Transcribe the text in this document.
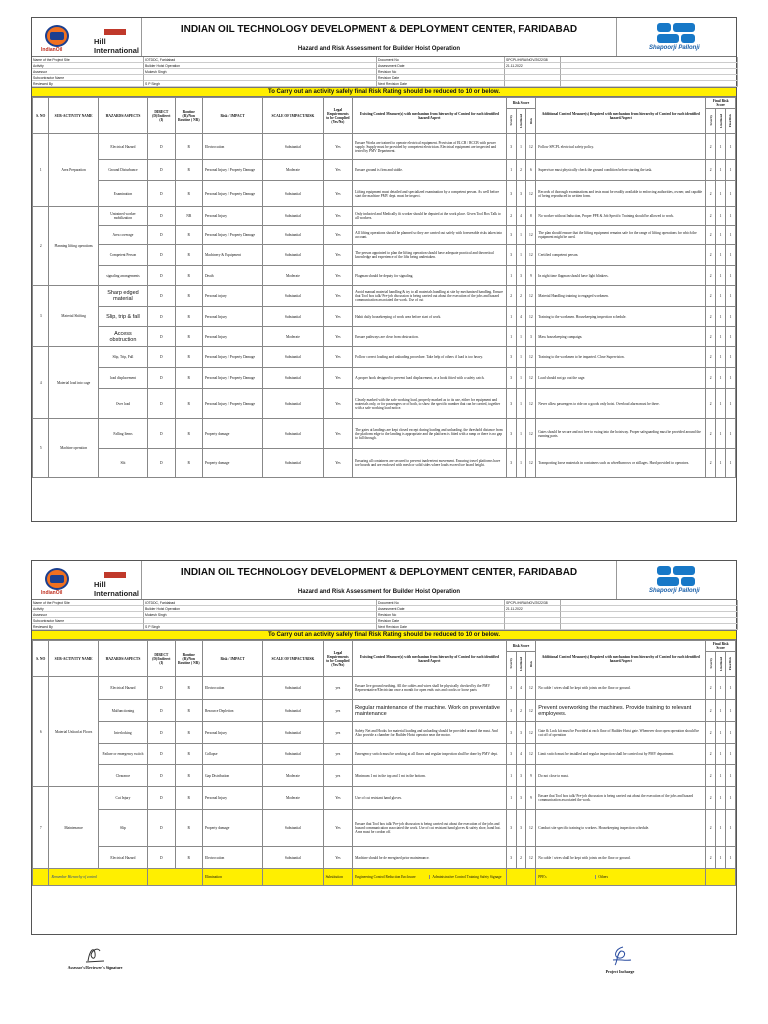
IndianOil
Hill International
INDIAN OIL TECHNOLOGY DEVELOPMENT & DEPLOYMENT CENTER, FARIDABAD
Hazard and Risk Assessment for Builder Hoist Operation	Shapoorji Pallonji
Name of the Project Site	IOTDDC, Faridabad	Document No	SPCPL/HIRA/NOV/2022/38
Activity	Builder Hoist Operation	Assessment Date	21.11.2022
Assessor	Mukesh Singh	Revision No
Subcontractor Name	Revision Date
Reviewed By	S P Singh	Next Revision Date
To Carry out an activity safely final Risk Rating should be reduced to 10 or below.
S. NO	SUB-ACTIVITY NAME	HAZARDS/ASPECTS	DIRECT (D)/Indirect (I)	Routine (R)/Non Routine ( NR)	Risk / IMPACT	SCALE OF IMPACT/RISK	Legal Requirements to be Complied (Yes/No)	Existing Control Measure(s) with mechanism from hierarchy of Control for each identified hazard/Aspect	Risk Score			Additional Control Measure(s) Required with mechanism from hierarchy of Control for each identified hazard/Aspect	Final Risk Score		
									Severity	Likelihood	Risk		Severity	Likelihood	Final Risk
1	Area Preparation	Electrical Hazard	D	R	Electrocution	Substantial	Yes	Ensure Works are trained to operate electrical equipment. Provision of ELCB / RCCB with power supply. Supply must be provided by competent electrician. Electrical equipment are inspected and tested by PMV Department.	3	1	12	Follow SPCPL electrical safety policy.	2	1	1
		Ground Disturbance	D	R	Personal Injury / Property Damage	Moderate	Yes	Ensure ground is firm and stable.	1	2	6	Supervisor must physically check the ground condition before starting the task.	2	1	1
		Examination	D	R	Personal Injury / Property Damage	Substantial	Yes	Lifting equipment must detailed and specialized examination by a competent person. As well before start the machine PMV dept. must be inspect.	3	3	12	Records of thorough examinations and tests must be readily available to enforcing authorities, owner, and capable of being reproduced in written form.	2	1	1
2	Planning lifting operations	Untrained worker mobilization	D	NR	Personal Injury	Substantial	Yes	Only inducted and Medically fit worker should be deputed at the work place. Given Tool Box Talk to all workers.	2	4	8	No worker without Induction, Proper PPE & Job Specific Training should be allowed to work.	2	1	1
		Area coverage	D	R	Personal Injury / Property Damage	Substantial	Yes	All lifting operations should be planned so they are carried out safely with foreseeable risks taken into account.	3	1	12	The plan should ensure that the lifting equipment remains safe for the range of lifting operations for which the equipment might be used.	2	1	1
		Competent Person	D	R	Machinery & Equipment	Substantial	Yes	The person appointed to plan the lifting operation should have adequate practical and theoretical knowledge and experience of the lifts being undertaken.	3	1	12	Certified competent person.	2	1	1
		signaling arrangements	D	R	Death	Moderate	Yes	Flagman should be deputy for signaling.	1	3	9	In night time flagman should have light blinkers.	2	1	1
3	Material Shifting	Sharp edged material	D	R	Personal injury	Substantial	Yes	Avoid manual material handling & try to all materials handling at site by mechanized handling. Ensure that Tool box talk/ Pre-job discussion is being carried out about the execution of the jobs and hazard communication associated the work. Use of cut	2	2	12	Material Handling training to engaged workmen.	2	1	1
		Slip, trip & fall	D	R	Personal Injury	Substantial	Yes	Habit daily housekeeping of work area before start of work.	1	4	12	Training to the workmen. Housekeeping inspection schedule.	2	1	1
		Access obstruction	D	R	Personal Injury	Moderate	Yes	Ensure pathways are clear from obstruction.	1	1	3	Mass housekeeping campaign.	2	1	1
4	Material load into cage	Slip, Trip, Fall	D	R	Personal Injury / Property Damage	Substantial	Yes	Follow correct loading and unloading procedure. Take help of others if load is too heavy.	3	1	12	Training to the workmen to be imparted. Close Supervision.	2	1	1
		load displacement	D	R	Personal Injury / Property Damage	Substantial	Yes	A proper hook designed to prevent load displacement, or a hook fitted with a safety catch.	3	1	12	Load should not go out the cage.	2	1	1
		Over load	D	R	Personal Injury / Property Damage	Substantial	Yes	Clearly marked with the safe working load, properly marked as to its use, either for equipment and materials only, or for passengers or of both, to show the specific number that can be carried, together with a safe working load notice.	3	1	12	Never allow passengers to ride on a goods only hoist. Overload alarm must be there.	2	1	1
5	Machine operation	Falling Items	D	R	Property damage	Substantial	Yes	The gates at landings are kept closed except during loading and unloading. the threshold distance from the platform edge to the landing is appropriate and the platform is fitted with a ramp or there is no gap to fall through.	3	1	12	Gates should be secure and not free to swing into the hoistway. Proper safeguarding must be provided around the running parts.	2	1	1
		Slit	D	R	Property damage	Substantial	Yes	Ensuring all containers are secured to prevent inadvertent movement. Ensuring travel platforms have toe boards and are enclosed with mesh or solid sides where loads exceed toe board height.	3	1	12	Transporting loose materials in containers such as wheelbarrows or stillages. Hard provided to operators.	2	1	1
IndianOil
Hill International
INDIAN OIL TECHNOLOGY DEVELOPMENT & DEPLOYMENT CENTER, FARIDABAD
Hazard and Risk Assessment for Builder Hoist Operation	Shapoorji Pallonji
Name of the Project Site	IOTDDC, Faridabad	Document No	SPCPL/HIRA/NOV/2022/38
Activity	Builder Hoist Operation	Assessment Date	21.11.2022
Assessor	Mukesh Singh	Revision No
Subcontractor Name	Revision Date
Reviewed By	S P Singh	Next Revision Date
To Carry out an activity safely final Risk Rating should be reduced to 10 or below.
S. NO	SUB-ACTIVITY NAME	HAZARDS/ASPECTS	DIRECT (D)/Indirect (I)	Routine (R)/Non Routine ( NR)	Risk / IMPACT	SCALE OF IMPACT/RISK	Legal Requirements to be Complied (Yes/No)	Existing Control Measure(s) with mechanism from hierarchy of Control for each identified hazard/Aspect	Risk Score			Additional Control Measure(s) Required with mechanism from hierarchy of Control for each identified hazard/Aspect	Final Risk Score		
									Severity	Likelihood	Risk		Severity	Likelihood	Final Risk
6	Material Unload at Floors	Electrical Hazard	D	R	Electrocution	Substantial	yes	Ensure live ground earthing. All the cables and wires shall be physically checked by the PMV Representative/Electrician once a month for open ends cuts and cracks or loose parts	3	4	12	No cable / wires shall be kept with joints on the floor or ground.	2	1	1
		Malfunctioning	D	R	Resource Depletion	Substantial	yes	Regular maintenance of the machine. Work on preventative maintenance	3	2	12	Prevent overworking the machines. Provide training to relevant employees.	2	1	1
		Interlocking	D	R	Personal Injury	Substantial	yes	Safety Net and Hooks for material loading and unloading should be provided around the mast. And Also provide a chamber for Builder Hoist operator near the motor.	3	3	12	Gate & Lock kit must be Provided at each floor of Builder Hoist gate. Whenever door open operation should be cut off of operation	2	1	1
		Failure or emergency switch	D	R	Collapse	Substantial	yes	Emergency switch must be working at all floors and regular inspection shall be done by PMV dept.	3	4	12	Limit switch must be installed and regular inspection shall be carried out by PMV department.	2	1	1
		Clearance	D	R	Gap Distribution	Moderate	yes	Minimum 1 mt in the top and 1 mt in the bottom.	1	3	9	Do not close to mast.	2	1	1
7	Maintenance	Cut Injury	D	R	Personal Injury	Moderate	Yes	Use of cut resistant hand gloves.	1	3	9	Ensure that Tool box talk/ Pre-job discussion is being carried out about the execution of the jobs and hazard communication associated the work.	2	1	1
		Slip	D	R	Property damage	Substantial	Yes	Ensure that Tool box talk/ Pre-job discussion is being carried out about the execution of the jobs and hazard communication associated the work. Use of cut resistant hand gloves & safety shoe, hand hat. Area must be cordon off.	3	3	12	Conduct site specific training to workers. Housekeeping inspection schedule.	2	1	1
		Electrical Hazard	D	R	Electrocution	Substantial	Yes	Machine should be de energized prior maintenance.	3	2	12	No cable / wires shall be kept with joints on the floor or ground.	2	1	1
	Remember Hierarchy of control				Elimination		Substitution	Engineering Control Reduction Enclosure Administrative Control Training Safety Signage				PPE's Others			

Assessor's/Reviewer's Signature
Project Incharge
